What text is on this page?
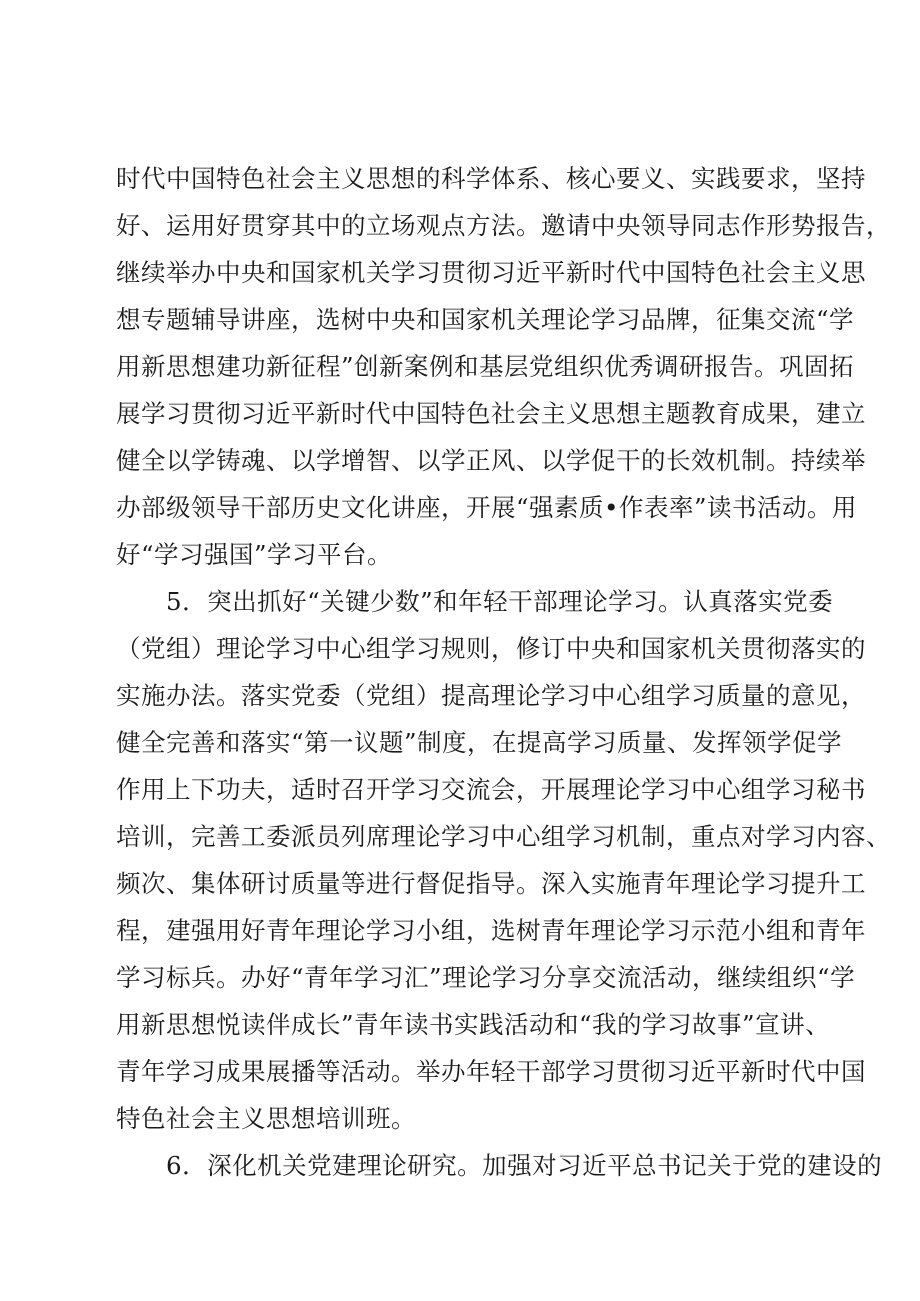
时代中国特色社会主义思想的科学体系、核心要义、实践要求，坚持
好、运用好贯穿其中的立场观点方法。邀请中央领导同志作形势报告，
继续举办中央和国家机关学习贯彻习近平新时代中国特色社会主义思
想专题辅导讲座，选树中央和国家机关理论学习品牌，征集交流“学
用新思想建功新征程”创新案例和基层党组织优秀调研报告。巩固拓
展学习贯彻习近平新时代中国特色社会主义思想主题教育成果，建立
健全以学铸魂、以学增智、以学正风、以学促干的长效机制。持续举
办部级领导干部历史文化讲座，开展“强素质•作表率”读书活动。用
好“学习强国”学习平台。
5．突出抓好“关键少数”和年轻干部理论学习。认真落实党委
（党组）理论学习中心组学习规则，修订中央和国家机关贯彻落实的
实施办法。落实党委（党组）提高理论学习中心组学习质量的意见，
健全完善和落实“第一议题”制度，在提高学习质量、发挥领学促学
作用上下功夫，适时召开学习交流会，开展理论学习中心组学习秘书
培训，完善工委派员列席理论学习中心组学习机制，重点对学习内容、
频次、集体研讨质量等进行督促指导。深入实施青年理论学习提升工
程，建强用好青年理论学习小组，选树青年理论学习示范小组和青年
学习标兵。办好“青年学习汇”理论学习分享交流活动，继续组织“学
用新思想悦读伴成长”青年读书实践活动和“我的学习故事”宣讲、
青年学习成果展播等活动。举办年轻干部学习贯彻习近平新时代中国
特色社会主义思想培训班。
6．深化机关党建理论研究。加强对习近平总书记关于党的建设的
